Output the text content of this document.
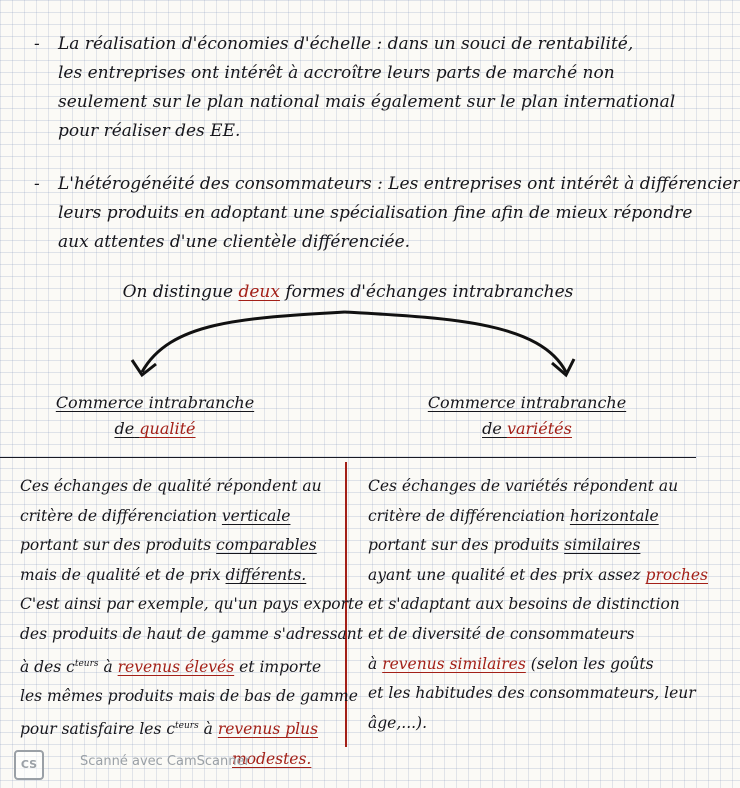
- La réalisation d'économies d'échelle : dans un souci de rentabilité,
les entreprises ont intérêt à accroître leurs parts de marché non
seulement sur le plan national mais également sur le plan international
pour réaliser des EE.
- L'hétérogénéité des consommateurs : Les entreprises ont intérêt à différencier
leurs produits en adoptant une spécialisation fine afin de mieux répondre
aux attentes d'une clientèle différenciée.
On distingue deux formes d'échanges intrabranches
Commerce intrabranche
de qualité
Commerce intrabranche
de variétés
Ces échanges de qualité répondent au
critère de différenciation verticale
portant sur des produits comparables
mais de qualité et de prix différents.
C'est ainsi par exemple, qu'un pays exporte
des produits de haut de gamme s'adressant
à des $c^{teurs}$ à revenus élevés et importe
les mêmes produits mais de bas de gamme
pour satisfaire les $c^{teurs}$ à revenus plus
modestes.
Ces échanges de variétés répondent au
critère de différenciation horizontale
portant sur des produits similaires
ayant une qualité et des prix assez proches
et s'adaptant aux besoins de distinction
et de diversité de consommateurs
à revenus similaires (selon les goûts
et les habitudes des consommateurs, leur
âge,...).
CS	Scanné avec CamScanner
